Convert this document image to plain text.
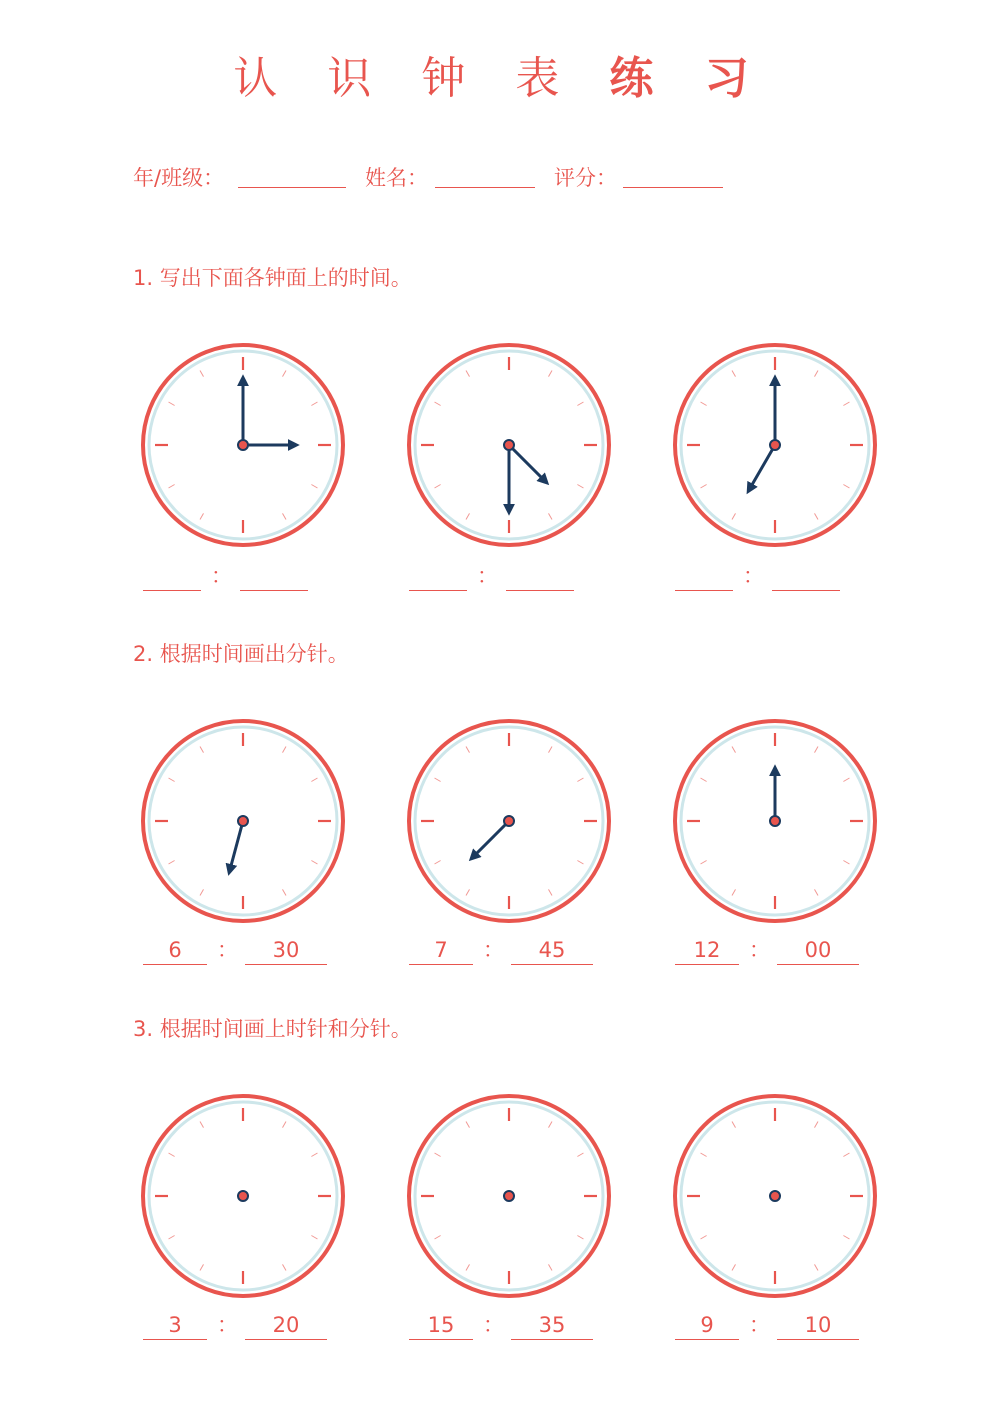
认 识 钟 表 练 习
年/班级：	姓名：	评分：
1. 写出下面各钟面上的时间。
2. 根据时间画出分针。
3. 根据时间画上时针和分针。
：	：	：
6	：	30	7	：	45	12	：	00
3	：	20	15	：	35	9	：	10
